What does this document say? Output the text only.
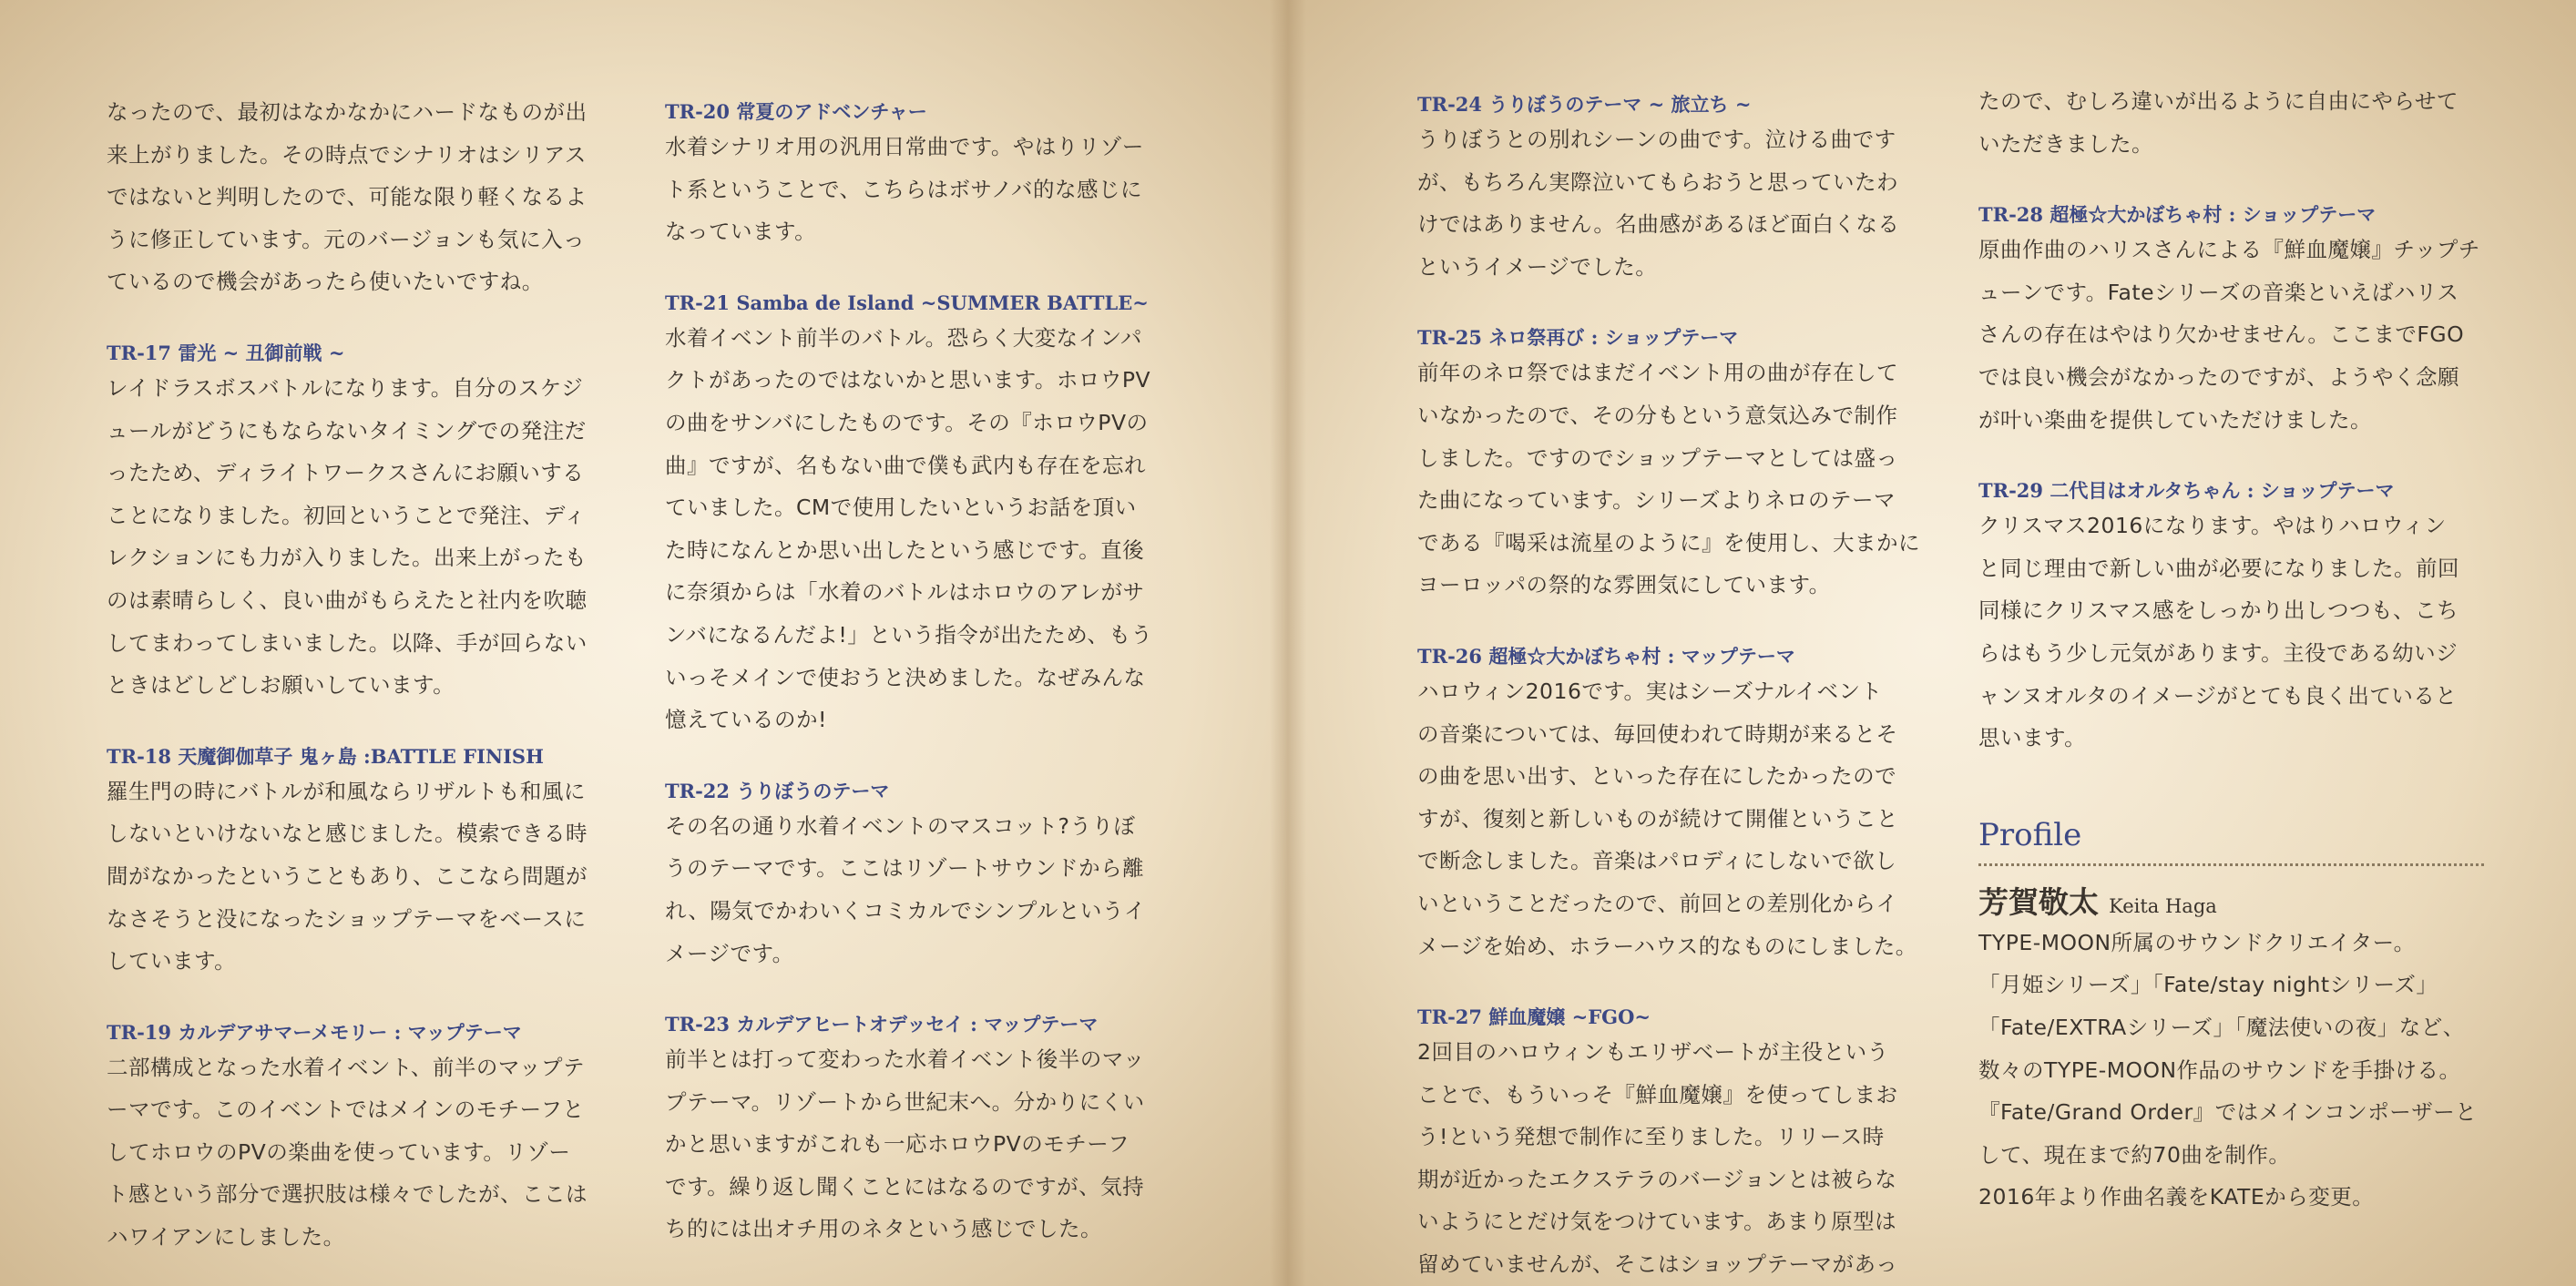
なったので、最初はなかなかにハードなものが出
来上がりました。その時点でシナリオはシリアス
ではないと判明したので、可能な限り軽くなるよ
うに修正しています。元のバージョンも気に入っ
ているので機会があったら使いたいですね。

TR-17 雷光 ~ 丑御前戦 ~

レイドラスボスバトルになります。自分のスケジ
ュールがどうにもならないタイミングでの発注だ
ったため、ディライトワークスさんにお願いする
ことになりました。初回ということで発注、ディ
レクションにも力が入りました。出来上がったも
のは素晴らしく、良い曲がもらえたと社内を吹聴
してまわってしまいました。以降、手が回らない
ときはどしどしお願いしています。

TR-18 天魔御伽草子 鬼ヶ島 :BATTLE FINISH

羅生門の時にバトルが和風ならリザルトも和風に
しないといけないなと感じました。模索できる時
間がなかったということもあり、ここなら問題が
なさそうと没になったショップテーマをベースに
しています。

TR-19 カルデアサマーメモリー : マップテーマ

二部構成となった水着イベント、前半のマップテ
ーマです。このイベントではメインのモチーフと
してホロウのPVの楽曲を使っています。リゾー
ト感という部分で選択肢は様々でしたが、ここは
ハワイアンにしました。

TR-20 常夏のアドベンチャー

水着シナリオ用の汎用日常曲です。やはりリゾー
ト系ということで、こちらはボサノバ的な感じに
なっています。

TR-21 Samba de Island ~SUMMER BATTLE~

水着イベント前半のバトル。恐らく大変なインパ
クトがあったのではないかと思います。ホロウPV
の曲をサンバにしたものです。その『ホロウPVの
曲』ですが、名もない曲で僕も武内も存在を忘れ
ていました。CMで使用したいというお話を頂い
た時になんとか思い出したという感じです。直後
に奈須からは「水着のバトルはホロウのアレがサ
ンバになるんだよ!」という指令が出たため、もう
いっそメインで使おうと決めました。なぜみんな
憶えているのか!

TR-22 うりぼうのテーマ

その名の通り水着イベントのマスコット?うりぼ
うのテーマです。ここはリゾートサウンドから離
れ、陽気でかわいくコミカルでシンプルというイ
メージです。

TR-23 カルデアヒートオデッセイ : マップテーマ

前半とは打って変わった水着イベント後半のマッ
プテーマ。リゾートから世紀末へ。分かりにくい
かと思いますがこれも一応ホロウPVのモチーフ
です。繰り返し聞くことにはなるのですが、気持
ち的には出オチ用のネタという感じでした。

TR-24 うりぼうのテーマ ~ 旅立ち ~

うりぼうとの別れシーンの曲です。泣ける曲です
が、もちろん実際泣いてもらおうと思っていたわ
けではありません。名曲感があるほど面白くなる
というイメージでした。

TR-25 ネロ祭再び : ショップテーマ

前年のネロ祭ではまだイベント用の曲が存在して
いなかったので、その分もという意気込みで制作
しました。ですのでショップテーマとしては盛っ
た曲になっています。シリーズよりネロのテーマ
である『喝采は流星のように』を使用し、大まかに
ヨーロッパの祭的な雰囲気にしています。

TR-26 超極☆大かぼちゃ村 : マップテーマ

ハロウィン2016です。実はシーズナルイベント
の音楽については、毎回使われて時期が来るとそ
の曲を思い出す、といった存在にしたかったので
すが、復刻と新しいものが続けて開催ということ
で断念しました。音楽はパロディにしないで欲し
いということだったので、前回との差別化からイ
メージを始め、ホラーハウス的なものにしました。

TR-27 鮮血魔嬢 ~FGO~

2回目のハロウィンもエリザベートが主役という
ことで、もういっそ『鮮血魔嬢』を使ってしまお
う!という発想で制作に至りました。リリース時
期が近かったエクステラのバージョンとは被らな
いようにとだけ気をつけています。あまり原型は
留めていませんが、そこはショップテーマがあっ

たので、むしろ違いが出るように自由にやらせて
いただきました。

TR-28 超極☆大かぼちゃ村 : ショップテーマ

原曲作曲のハリスさんによる『鮮血魔嬢』チップチ
ューンです。Fateシリーズの音楽といえばハリス
さんの存在はやはり欠かせません。ここまでFGO
では良い機会がなかったのですが、ようやく念願
が叶い楽曲を提供していただけました。

TR-29 二代目はオルタちゃん : ショップテーマ

クリスマス2016になります。やはりハロウィン
と同じ理由で新しい曲が必要になりました。前回
同様にクリスマス感をしっかり出しつつも、こち
らはもう少し元気があります。主役である幼いジ
ャンヌオルタのイメージがとても良く出ていると
思います。

Profile

芳賀敬太 Keita Haga

TYPE-MOON所属のサウンドクリエイター。
「月姫シリーズ」「Fate/stay nightシリーズ」
「Fate/EXTRAシリーズ」「魔法使いの夜」など、
数々のTYPE-MOON作品のサウンドを手掛ける。
『Fate/Grand Order』ではメインコンポーザーと
して、現在まで約70曲を制作。
2016年より作曲名義をKATEから変更。
